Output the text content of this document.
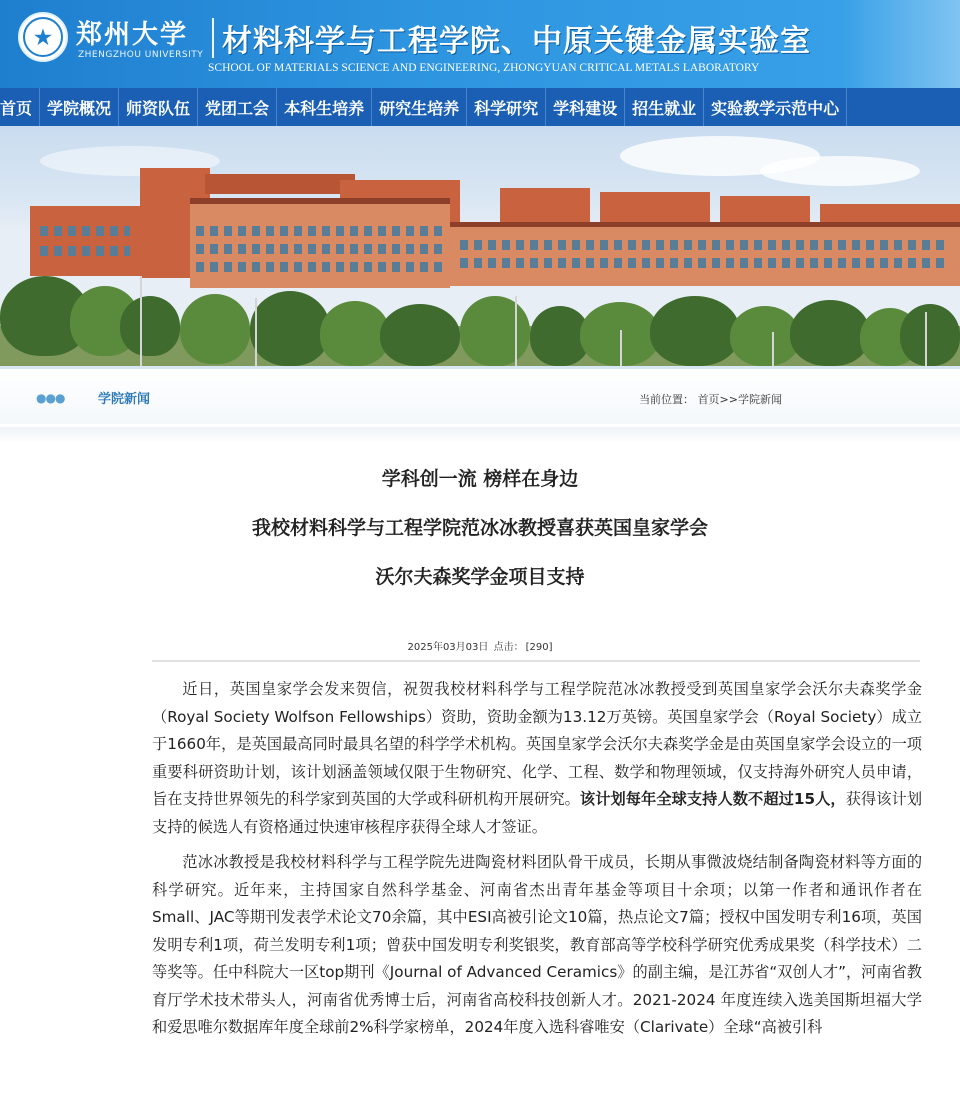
★ 郑州大学
ZHENGZHOU UNIVERSITY 材料科学与工程学院、中原关键金属实验室
SCHOOL OF MATERIALS SCIENCE AND ENGINEERING, ZHONGYUAN CRITICAL METALS LABORATORY
首页 学院概况 师资队伍 党团工会 本科生培养 研究生培养 科学研究 学科建设 招生就业 实验教学示范中心
●●●	学院新闻	当前位置： 首页>>学院新闻
学科创一流 榜样在身边
我校材料科学与工程学院范冰冰教授喜获英国皇家学会
沃尔夫森奖学金项目支持
2025年03月03日 点击： [290]

近日，英国皇家学会发来贺信，祝贺我校材料科学与工程学院范冰冰教授受到英国皇家学会沃尔夫森奖学金（Royal Society Wolfson Fellowships）资助，资助金额为13.12万英镑。英国皇家学会（Royal Society）成立于1660年，是英国最高同时最具名望的科学学术机构。英国皇家学会沃尔夫森奖学金是由英国皇家学会设立的一项重要科研资助计划，该计划涵盖领域仅限于生物研究、化学、工程、数学和物理领域，仅支持海外研究人员申请，旨在支持世界领先的科学家到英国的大学或科研机构开展研究。该计划每年全球支持人数不超过15人，获得该计划支持的候选人有资格通过快速审核程序获得全球人才签证。

范冰冰教授是我校材料科学与工程学院先进陶瓷材料团队骨干成员，长期从事微波烧结制备陶瓷材料等方面的科学研究。近年来，主持国家自然科学基金、河南省杰出青年基金等项目十余项；以第一作者和通讯作者在Small、JAC等期刊发表学术论文70余篇，其中ESI高被引论文10篇，热点论文7篇；授权中国发明专利16项，英国发明专利1项，荷兰发明专利1项；曾获中国发明专利奖银奖，教育部高等学校科学研究优秀成果奖（科学技术）二等奖等。任中科院大一区top期刊《Journal of Advanced Ceramics》的副主编，是江苏省“双创人才”，河南省教育厅学术技术带头人，河南省优秀博士后，河南省高校科技创新人才。2021-2024 年度连续入选美国斯坦福大学和爱思唯尔数据库年度全球前2%科学家榜单，2024年度入选科睿唯安（Clarivate）全球“高被引科
